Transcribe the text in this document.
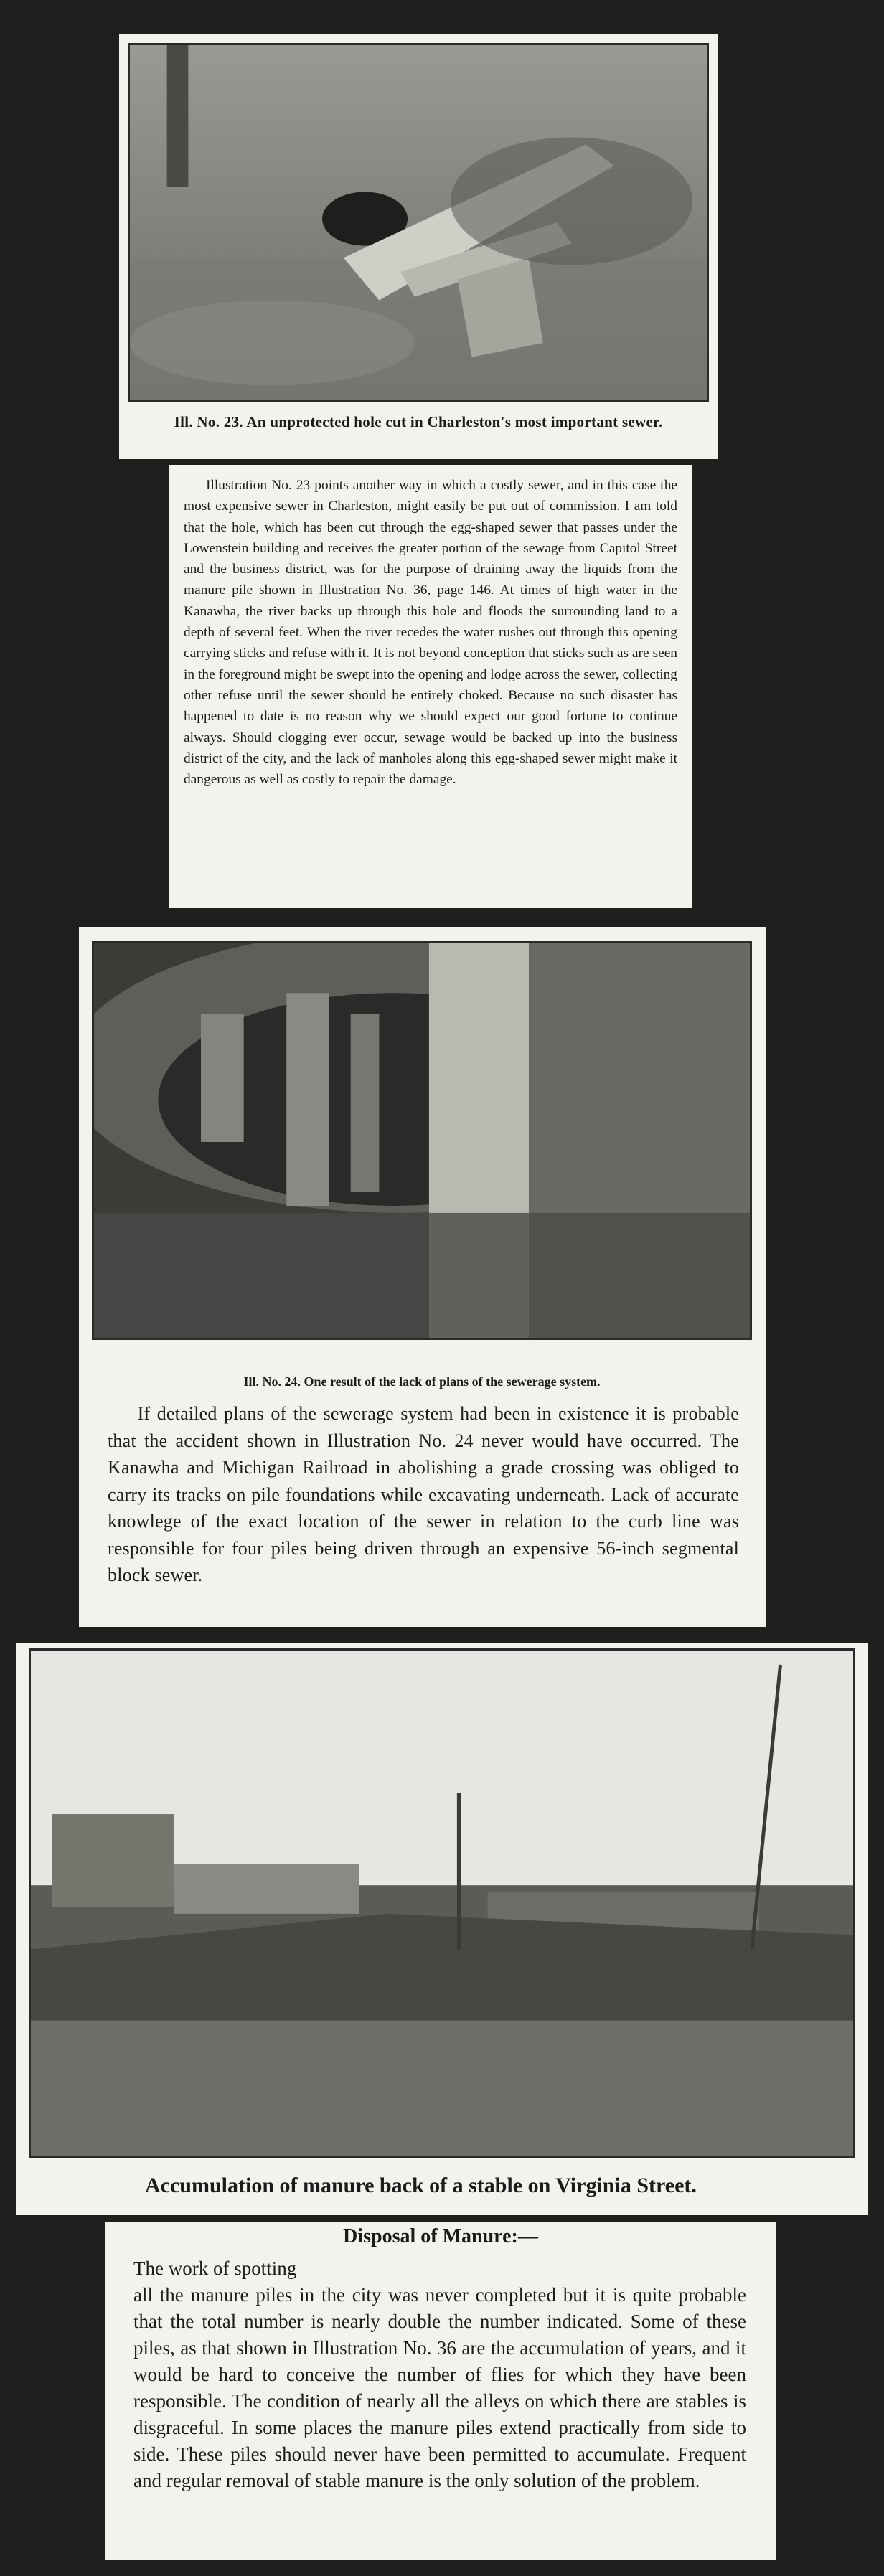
Ill. No. 23. An unprotected hole cut in Charleston's most important sewer.

Illustration No. 23 points another way in which a costly sewer, and in this case the most expensive sewer in Charleston, might easily be put out of commission. I am told that the hole, which has been cut through the egg-shaped sewer that passes under the Lowenstein building and receives the greater portion of the sewage from Capitol Street and the business district, was for the purpose of draining away the liquids from the manure pile shown in Illustration No. 36, page 146. At times of high water in the Kanawha, the river backs up through this hole and floods the surrounding land to a depth of several feet. When the river recedes the water rushes out through this opening carrying sticks and refuse with it. It is not beyond conception that sticks such as are seen in the foreground might be swept into the opening and lodge across the sewer, collecting other refuse until the sewer should be entirely choked. Because no such disaster has happened to date is no reason why we should expect our good fortune to continue always. Should clogging ever occur, sewage would be backed up into the business district of the city, and the lack of manholes along this egg-shaped sewer might make it dangerous as well as costly to repair the damage.

Ill. No. 24. One result of the lack of plans of the sewerage system.

If detailed plans of the sewerage system had been in existence it is probable that the accident shown in Illustration No. 24 never would have occurred. The Kanawha and Michigan Railroad in abolishing a grade crossing was obliged to carry its tracks on pile foundations while excavating underneath. Lack of accurate knowlege of the exact location of the sewer in relation to the curb line was responsible for four piles being driven through an expensive 56-inch segmental block sewer.

Accumulation of manure back of a stable on Virginia Street.
Disposal of Manure:—
The work of spotting
all the manure piles in the city was never completed but it is quite probable that the total number is nearly double the number indicated. Some of these piles, as that shown in Illustration No. 36 are the accumulation of years, and it would be hard to conceive the number of flies for which they have been responsible. The condition of nearly all the alleys on which there are stables is disgraceful. In some places the manure piles extend practically from side to side. These piles should never have been permitted to accumulate. Frequent and regular removal of stable manure is the only solution of the problem.
